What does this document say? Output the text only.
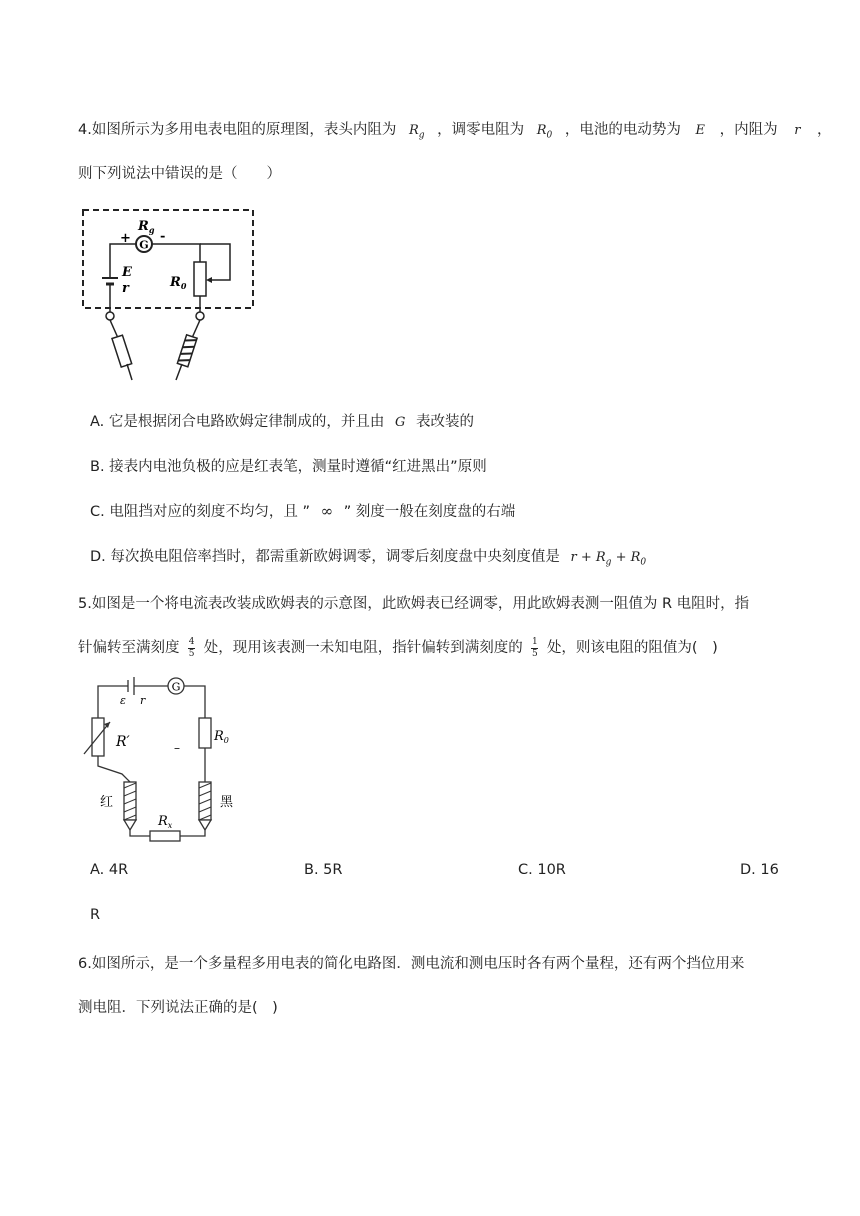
4.如图所示为多用电表电阻的原理图，表头内阻为 $R_g$ ，调零电阻为 $R_0$ ，电池的电动势为 E ，内阻为 r ，
则下列说法中错误的是（　　）
G
$R_g$
+ -
E
r	$R_0$
A. 它是根据闭合电路欧姆定律制成的，并且由 G 表改装的
B. 接表内电池负极的应是红表笔，测量时遵循“红进黑出”原则
C. 电阻挡对应的刻度不均匀，且 ” ∞ ” 刻度一般在刻度盘的右端
D. 每次换电阻倍率挡时，都需重新欧姆调零，调零后刻度盘中央刻度值是 $r + R_g + R_0$
5.如图是一个将电流表改装成欧姆表的示意图，此欧姆表已经调零，用此欧姆表测一阻值为 R 电阻时，指
针偏转至满刻度 $\frac{4}{5}$ 处，现用该表测一未知电阻，指针偏转到满刻度的 $\frac{1}{5}$ 处，则该电阻的阻值为(　)
G
ε r
R′	$R_0$
–
红	黑
$R_x$
A. 4R	B. 5R	C. 10R	D. 16
R
6.如图所示，是一个多量程多用电表的简化电路图．测电流和测电压时各有两个量程，还有两个挡位用来
测电阻．下列说法正确的是(　)
